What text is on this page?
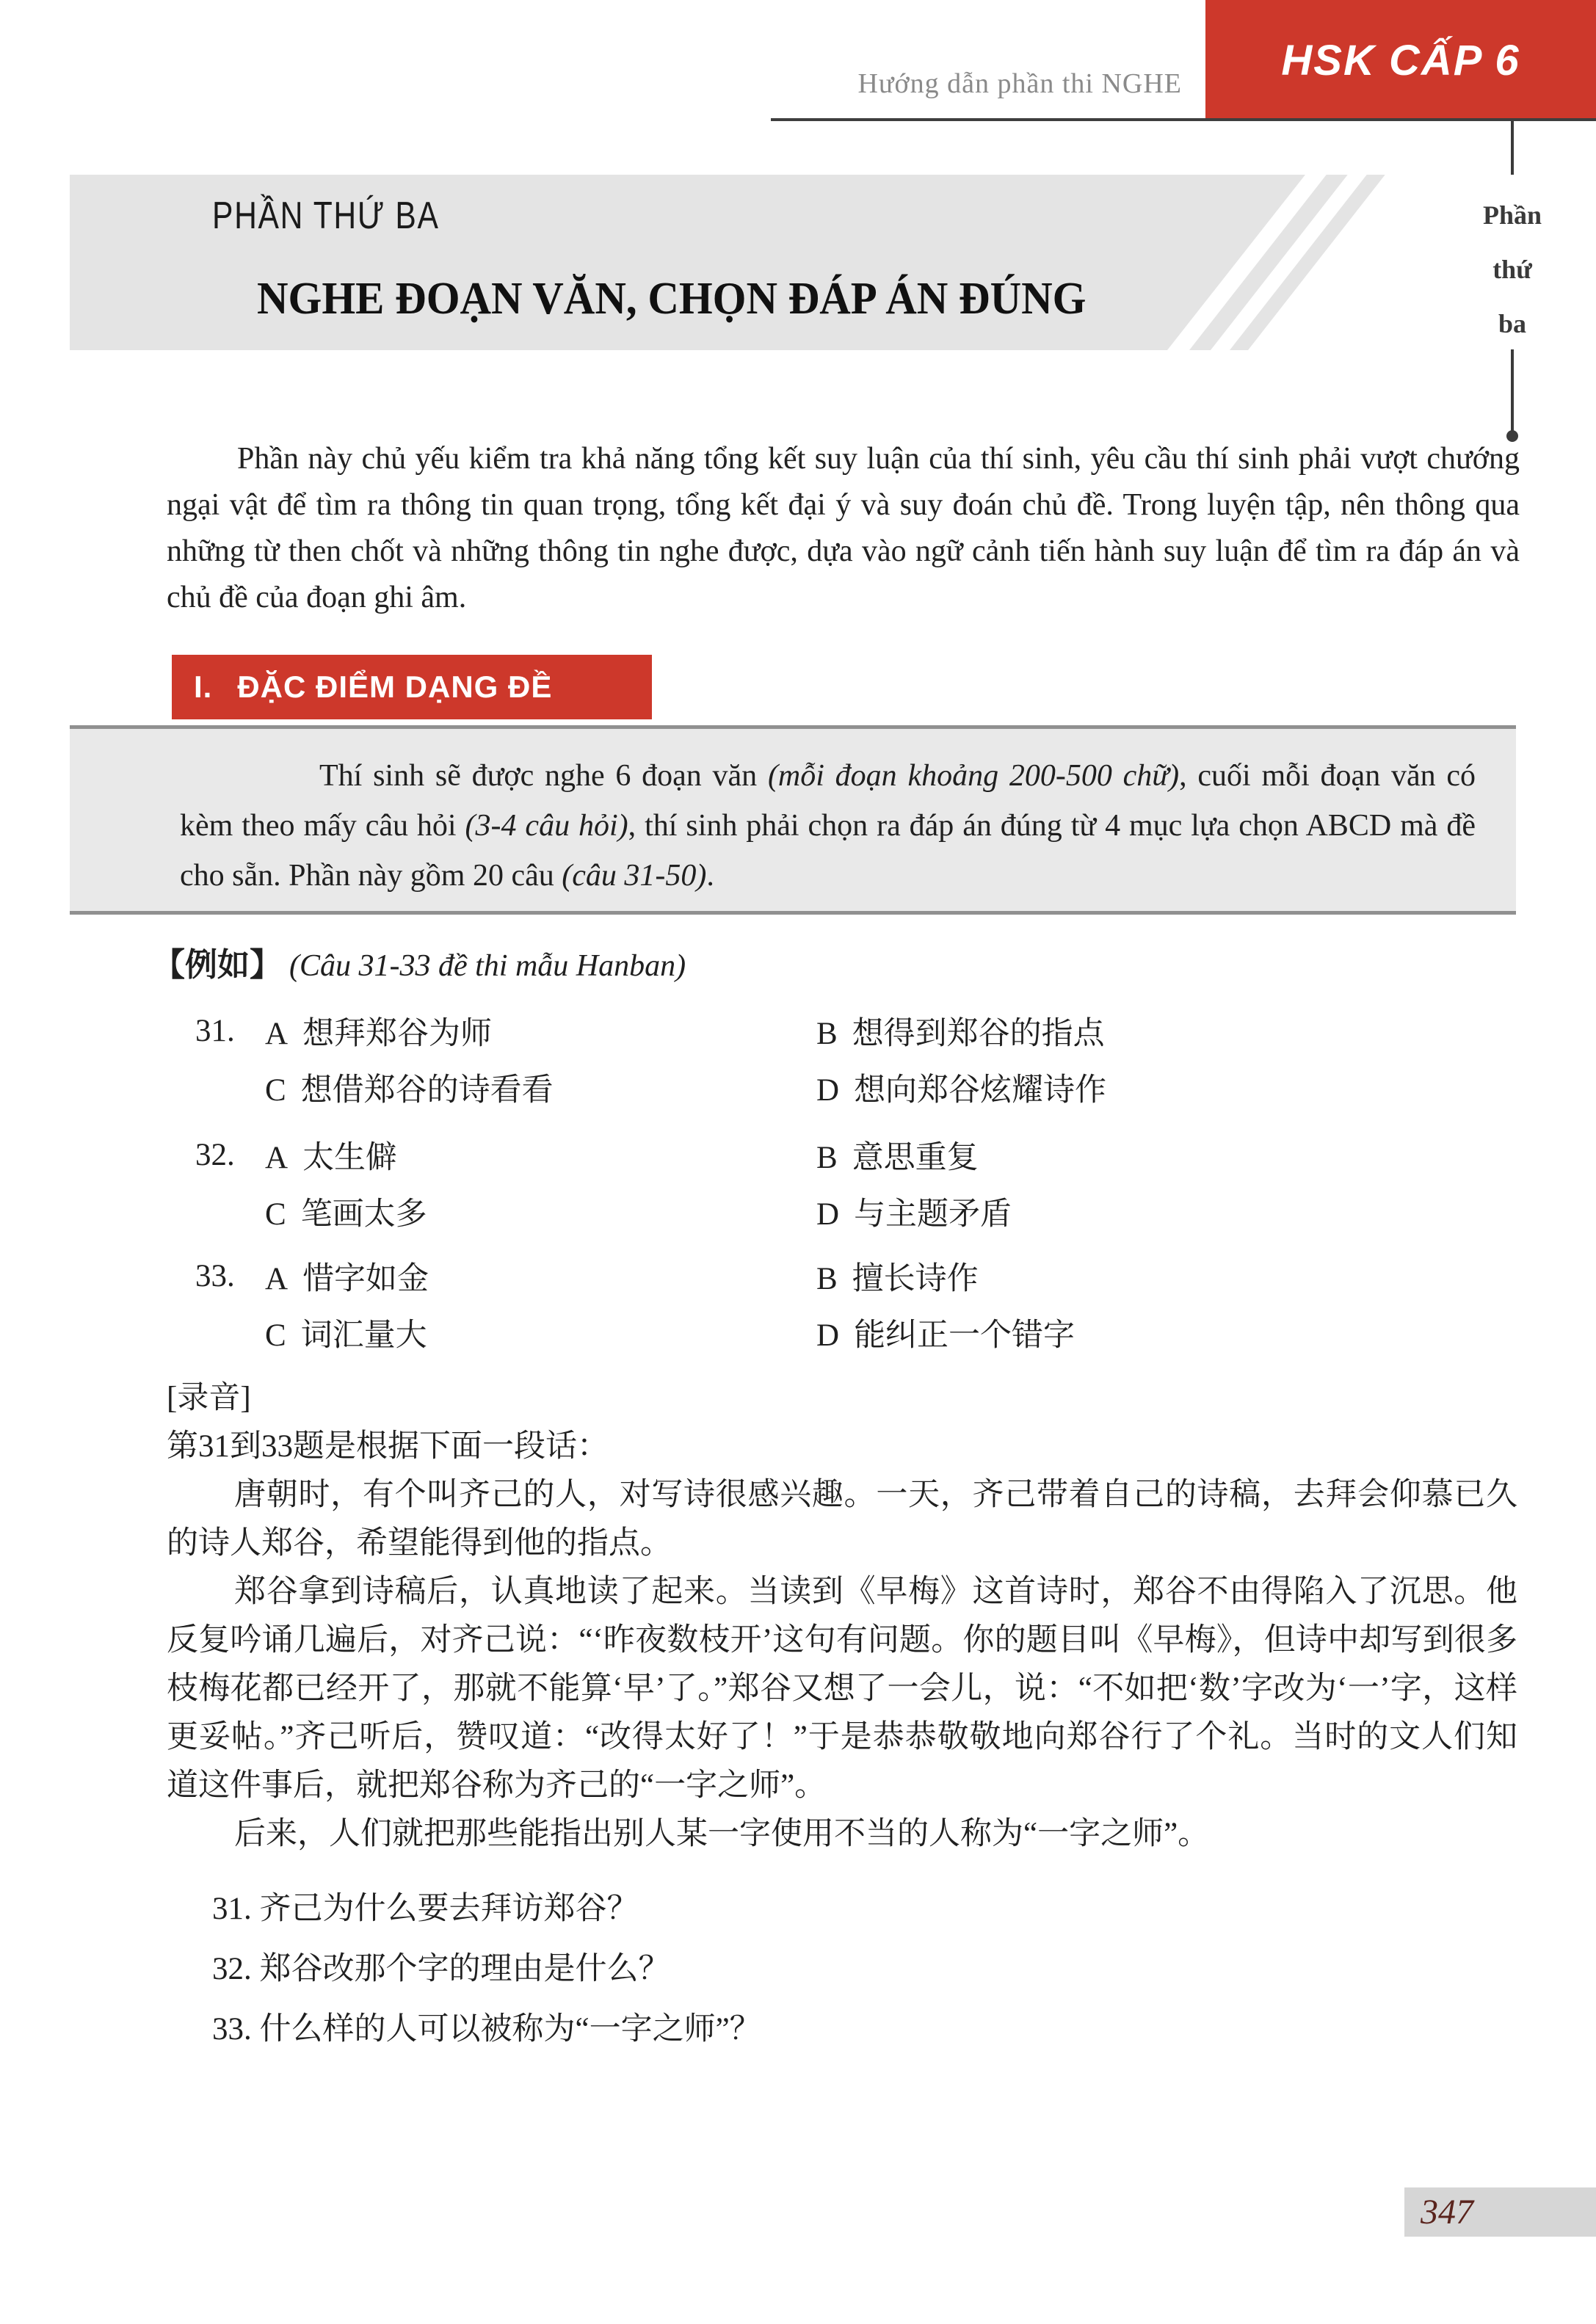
Hướng dẫn phần thi NGHE HSK CẤP 6
Phần
thứ
ba
PHẦN THỨ BA
NGHE ĐOẠN VĂN, CHỌN ĐÁP ÁN ĐÚNG

Phần này chủ yếu kiểm tra khả năng tổng kết suy luận của thí sinh, yêu cầu thí sinh phải vượt chướng ngại vật để tìm ra thông tin quan trọng, tổng kết đại ý và suy đoán chủ đề. Trong luyện tập, nên thông qua những từ then chốt và những thông tin nghe được, dựa vào ngữ cảnh tiến hành suy luận để tìm ra đáp án và chủ đề của đoạn ghi âm.

I. ĐẶC ĐIỂM DẠNG ĐỀ

Thí sinh sẽ được nghe 6 đoạn văn (mỗi đoạn khoảng 200-500 chữ), cuối mỗi đoạn văn có kèm theo mấy câu hỏi (3-4 câu hỏi), thí sinh phải chọn ra đáp án đúng từ 4 mục lựa chọn ABCD mà đề cho sẵn. Phần này gồm 20 câu (câu 31-50).

【例如】 (Câu 31-33 đề thi mẫu Hanban)
31. A 想拜郑谷为师	B 想得到郑谷的指点
C 想借郑谷的诗看看	D 想向郑谷炫耀诗作
32. A 太生僻	B 意思重复
C 笔画太多	D 与主题矛盾
33. A 惜字如金	B 擅长诗作
C 词汇量大	D 能纠正一个错字

[录音]

第31到33题是根据下面一段话：

唐朝时，有个叫齐己的人，对写诗很感兴趣。一天，齐己带着自己的诗稿，去拜会仰慕已久的诗人郑谷，希望能得到他的指点。

郑谷拿到诗稿后，认真地读了起来。当读到《早梅》这首诗时，郑谷不由得陷入了沉思。他反复吟诵几遍后，对齐己说：“‘昨夜数枝开’这句有问题。你的题目叫《早梅》，但诗中却写到很多枝梅花都已经开了，那就不能算‘早’了。”郑谷又想了一会儿，说：“不如把‘数’字改为‘一’字，这样更妥帖。”齐己听后，赞叹道：“改得太好了！”于是恭恭敬敬地向郑谷行了个礼。当时的文人们知道这件事后，就把郑谷称为齐己的“一字之师”。

后来，人们就把那些能指出别人某一字使用不当的人称为“一字之师”。

31. 齐己为什么要去拜访郑谷？

32. 郑谷改那个字的理由是什么？

33. 什么样的人可以被称为“一字之师”？

347
